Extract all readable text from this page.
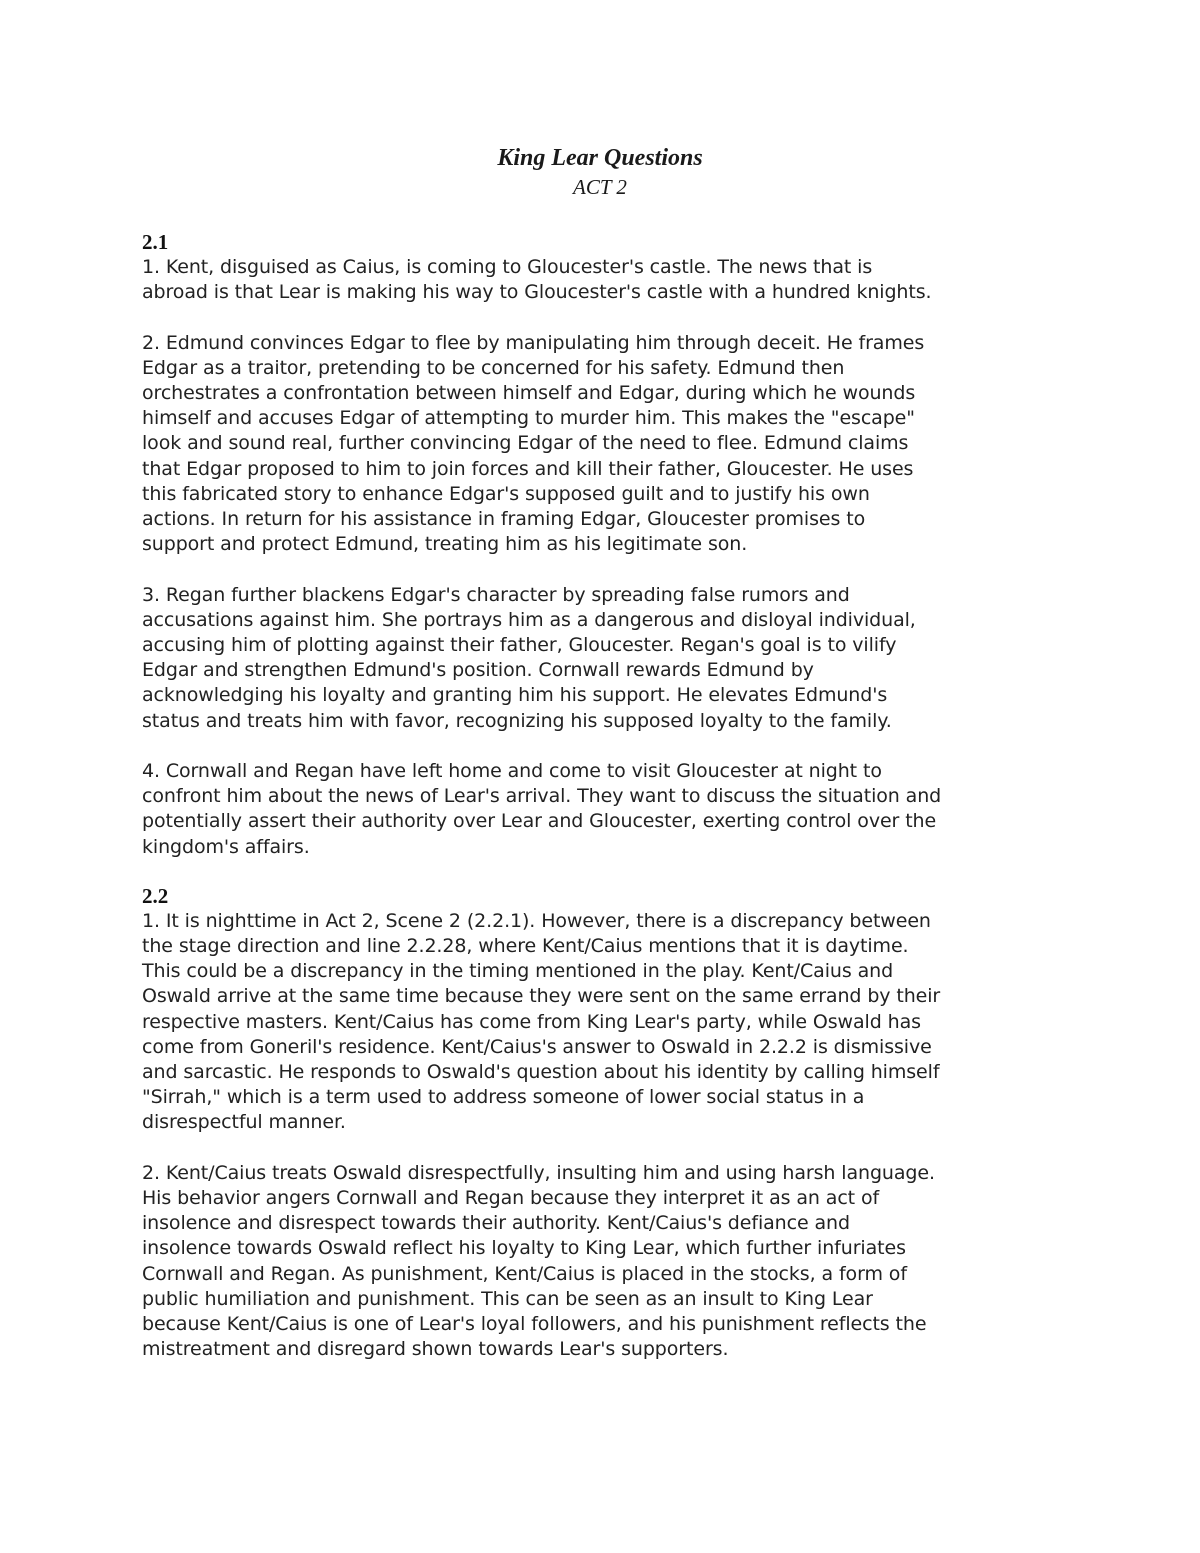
King Lear Questions

ACT 2

2.1

1. Kent, disguised as Caius, is coming to Gloucester's castle. The news that is
abroad is that Lear is making his way to Gloucester's castle with a hundred knights.

2. Edmund convinces Edgar to flee by manipulating him through deceit. He frames
Edgar as a traitor, pretending to be concerned for his safety. Edmund then
orchestrates a confrontation between himself and Edgar, during which he wounds
himself and accuses Edgar of attempting to murder him. This makes the "escape"
look and sound real, further convincing Edgar of the need to flee. Edmund claims
that Edgar proposed to him to join forces and kill their father, Gloucester. He uses
this fabricated story to enhance Edgar's supposed guilt and to justify his own
actions. In return for his assistance in framing Edgar, Gloucester promises to
support and protect Edmund, treating him as his legitimate son.

3. Regan further blackens Edgar's character by spreading false rumors and
accusations against him. She portrays him as a dangerous and disloyal individual,
accusing him of plotting against their father, Gloucester. Regan's goal is to vilify
Edgar and strengthen Edmund's position. Cornwall rewards Edmund by
acknowledging his loyalty and granting him his support. He elevates Edmund's
status and treats him with favor, recognizing his supposed loyalty to the family.

4. Cornwall and Regan have left home and come to visit Gloucester at night to
confront him about the news of Lear's arrival. They want to discuss the situation and
potentially assert their authority over Lear and Gloucester, exerting control over the
kingdom's affairs.

2.2

1. It is nighttime in Act 2, Scene 2 (2.2.1). However, there is a discrepancy between
the stage direction and line 2.2.28, where Kent/Caius mentions that it is daytime.
This could be a discrepancy in the timing mentioned in the play. Kent/Caius and
Oswald arrive at the same time because they were sent on the same errand by their
respective masters. Kent/Caius has come from King Lear's party, while Oswald has
come from Goneril's residence. Kent/Caius's answer to Oswald in 2.2.2 is dismissive
and sarcastic. He responds to Oswald's question about his identity by calling himself
"Sirrah," which is a term used to address someone of lower social status in a
disrespectful manner.

2. Kent/Caius treats Oswald disrespectfully, insulting him and using harsh language.
His behavior angers Cornwall and Regan because they interpret it as an act of
insolence and disrespect towards their authority. Kent/Caius's defiance and
insolence towards Oswald reflect his loyalty to King Lear, which further infuriates
Cornwall and Regan. As punishment, Kent/Caius is placed in the stocks, a form of
public humiliation and punishment. This can be seen as an insult to King Lear
because Kent/Caius is one of Lear's loyal followers, and his punishment reflects the
mistreatment and disregard shown towards Lear's supporters.
